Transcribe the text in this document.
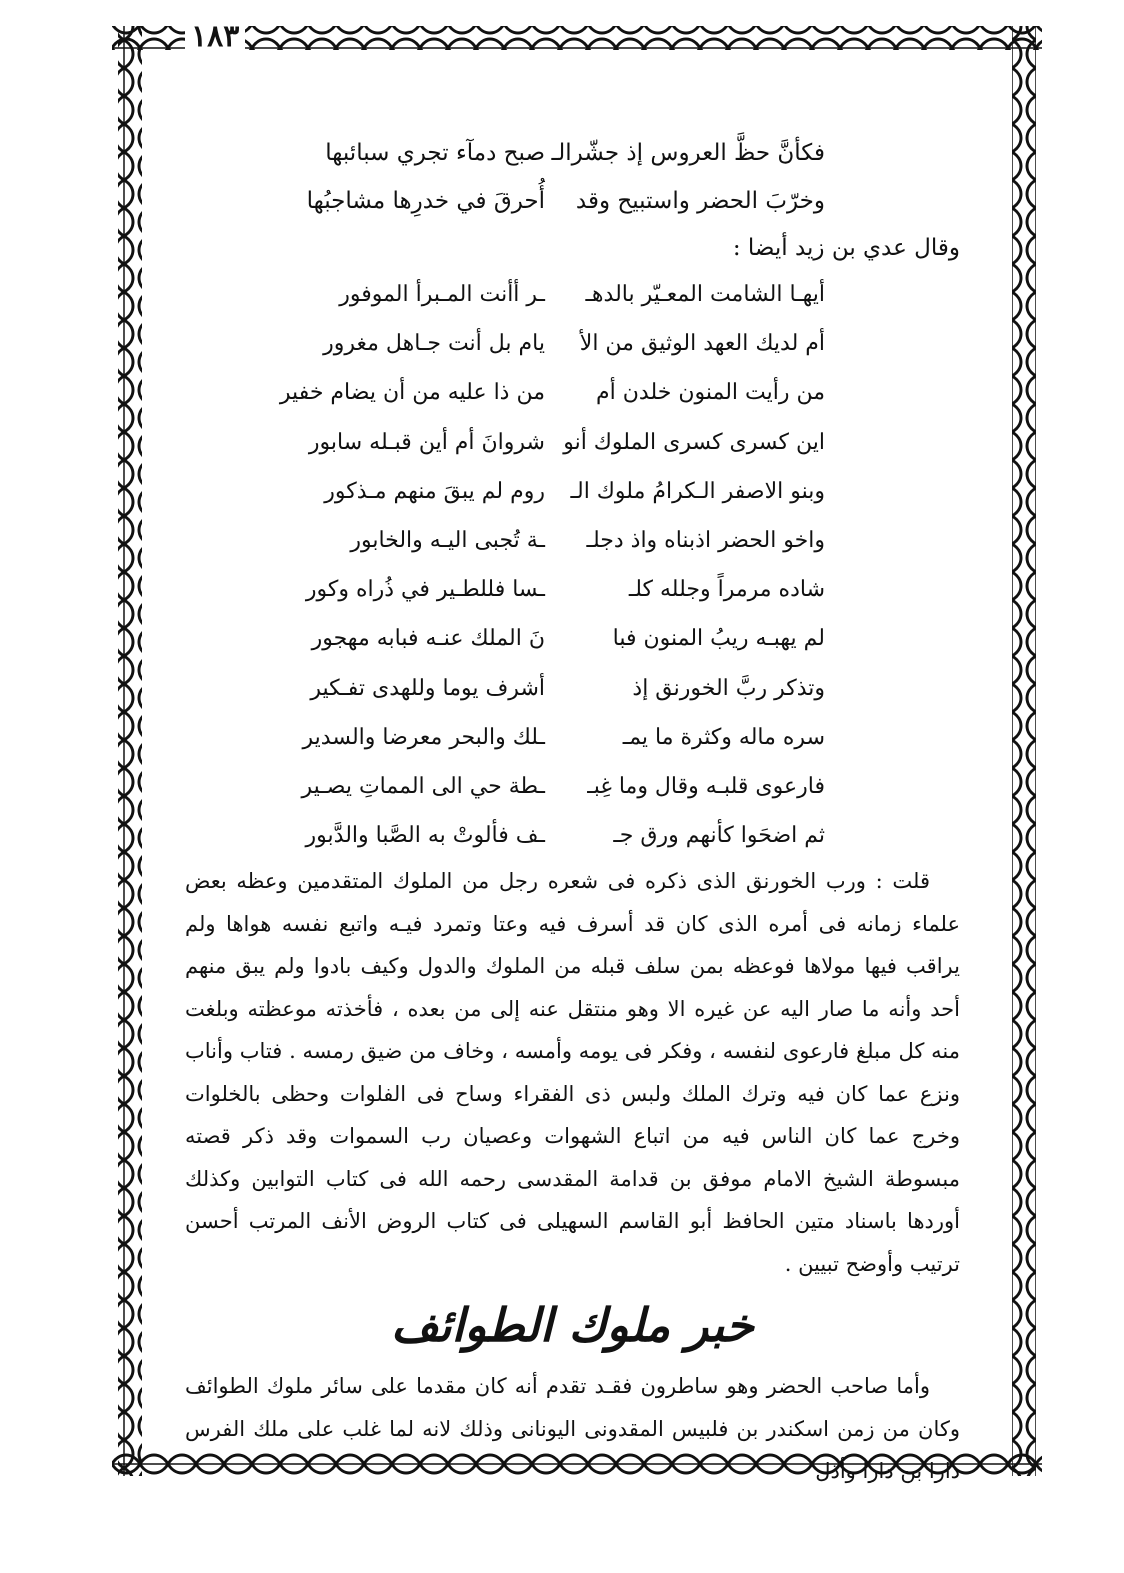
١٨٣
فكأنَّ حظَّ العروس إذ جشّرالـ
صبح دمآء تجري سبائبها
وخرّبَ الحضر واستبيح وقد
أُحرقَ في خدرِها مشاجبُها
وقال عدي بن زيد أيضا :
أيهـا الشامت المعـيّر بالدهـ
ـر أأنت المـبرأ الموفور
أم لديك العهد الوثيق من الأ
يام بل أنت جـاهل مغرور
من رأيت المنون خلدن أم
من ذا عليه من أن يضام خفير
اين كسرى كسرى الملوك أنو
شروانَ أم أين قبـله سابور
وبنو الاصفر الـكرامُ ملوك الـ
روم لم يبقَ منهم مـذكور
واخو الحضر اذبناه واذ دجلـ
ـة تُجبى اليـه والخابور
شاده مرمراً وجلله كلـ
ـسا فللطـير في ذُراه وكور
لم يهبـه ريبُ المنون فبا
نَ الملك عنـه فبابه مهجور
وتذكر ربَّ الخورنق إذ
أشرف يوما وللهدى تفـكير
سره ماله وكثرة ما يمـ
ـلك والبحر معرضا والسدير
فارعوى قلبـه وقال وما غِبـ
ـطة حي الى المماتِ يصـير
ثم اضحَوا كأنهم ورق جـ
ـف فألوتْ به الصَّبا والدَّبور

قلت : ورب الخورنق الذى ذكره فى شعره رجل من الملوك المتقدمين وعظه بعض علماء زمانه فى أمره الذى كان قد أسرف فيه وعتا وتمرد فيـه واتبع نفسه هواها ولم يراقب فيها مولاها فوعظه بمن سلف قبله من الملوك والدول وكيف بادوا ولم يبق منهم أحد وأنه ما صار اليه عن غيره الا وهو منتقل عنه إلى من بعده ، فأخذته موعظته وبلغت منه كل مبلغ فارعوى لنفسه ، وفكر فى يومه وأمسه ، وخاف من ضيق رمسه . فتاب وأناب ونزع عما كان فيه وترك الملك ولبس ذى الفقراء وساح فى الفلوات وحظى بالخلوات وخرج عما كان الناس فيه من اتباع الشهوات وعصيان رب السموات وقد ذكر قصته مبسوطة الشيخ الامام موفق بن قدامة المقدسى رحمه الله فى كتاب التوابين وكذلك أوردها باسناد متين الحافظ أبو القاسم السهيلى فى كتاب الروض الأنف المرتب أحسن ترتيب وأوضح تبيين .

خبر ملوك الطوائف

وأما صاحب الحضر وهو ساطرون فقـد تقدم أنه كان مقدما على سائر ملوك الطوائف وكان من زمن اسكندر بن فلبيس المقدونى اليونانى وذلك لانه لما غلب على ملك الفرس دارا بن دارا وأذل
